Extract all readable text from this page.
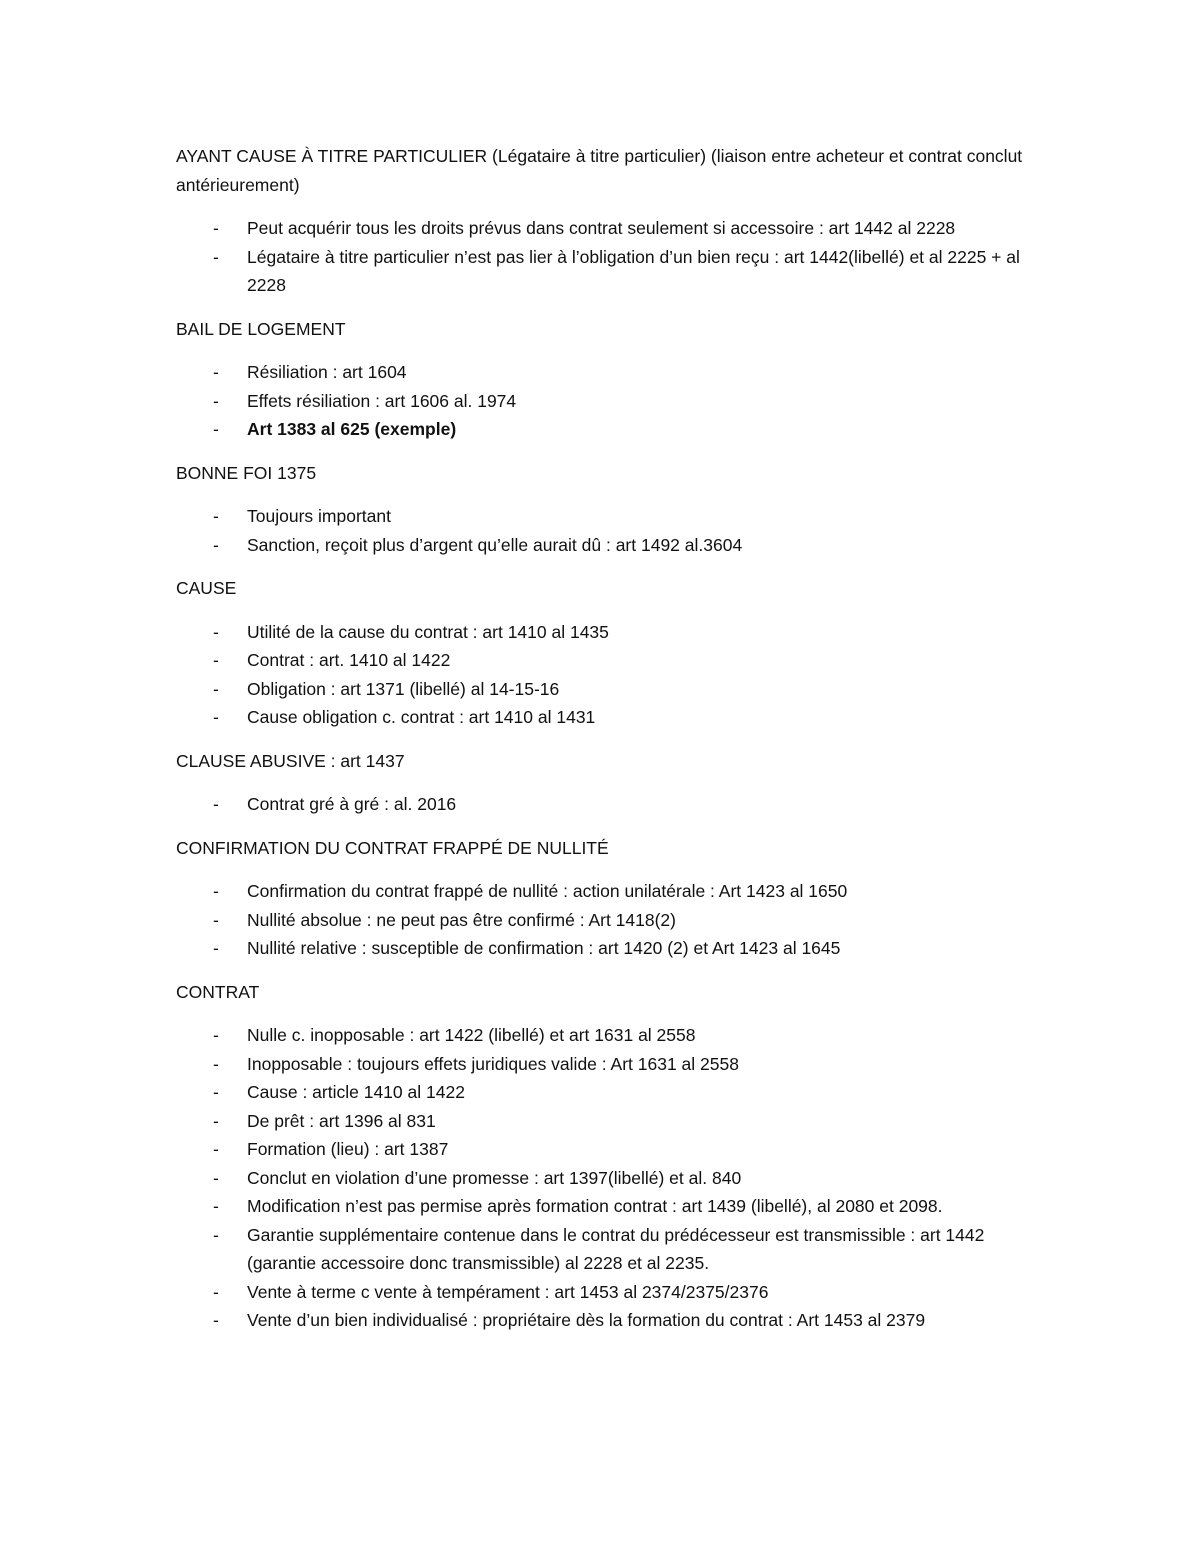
AYANT CAUSE À TITRE PARTICULIER (Légataire à titre particulier) (liaison entre acheteur et contrat conclut antérieurement)

- Peut acquérir tous les droits prévus dans contrat seulement si accessoire : art 1442 al 2228
- Légataire à titre particulier n’est pas lier à l’obligation d’un bien reçu : art 1442(libellé) et al 2225 + al 2228

BAIL DE LOGEMENT

- Résiliation : art 1604
- Effets résiliation : art 1606 al. 1974
- Art 1383 al 625 (exemple)

BONNE FOI 1375

- Toujours important
- Sanction, reçoit plus d’argent qu’elle aurait dû : art 1492 al.3604

CAUSE

- Utilité de la cause du contrat : art 1410 al 1435
- Contrat : art. 1410 al 1422
- Obligation : art 1371 (libellé) al 14-15-16
- Cause obligation c. contrat : art 1410 al 1431

CLAUSE ABUSIVE : art 1437

- Contrat gré à gré : al. 2016

CONFIRMATION DU CONTRAT FRAPPÉ DE NULLITÉ

- Confirmation du contrat frappé de nullité : action unilatérale : Art 1423 al 1650
- Nullité absolue : ne peut pas être confirmé : Art 1418(2)
- Nullité relative : susceptible de confirmation : art 1420 (2) et Art 1423 al 1645

CONTRAT

- Nulle c. inopposable : art 1422 (libellé) et art 1631 al 2558
- Inopposable : toujours effets juridiques valide : Art 1631 al 2558
- Cause : article 1410 al 1422
- De prêt : art 1396 al 831
- Formation (lieu) : art 1387
- Conclut en violation d’une promesse : art 1397(libellé) et al. 840
- Modification n’est pas permise après formation contrat : art 1439 (libellé), al 2080 et 2098.
- Garantie supplémentaire contenue dans le contrat du prédécesseur est transmissible : art 1442 (garantie accessoire donc transmissible) al 2228 et al 2235.
- Vente à terme c vente à tempérament : art 1453 al 2374/2375/2376
- Vente d’un bien individualisé : propriétaire dès la formation du contrat : Art 1453 al 2379
